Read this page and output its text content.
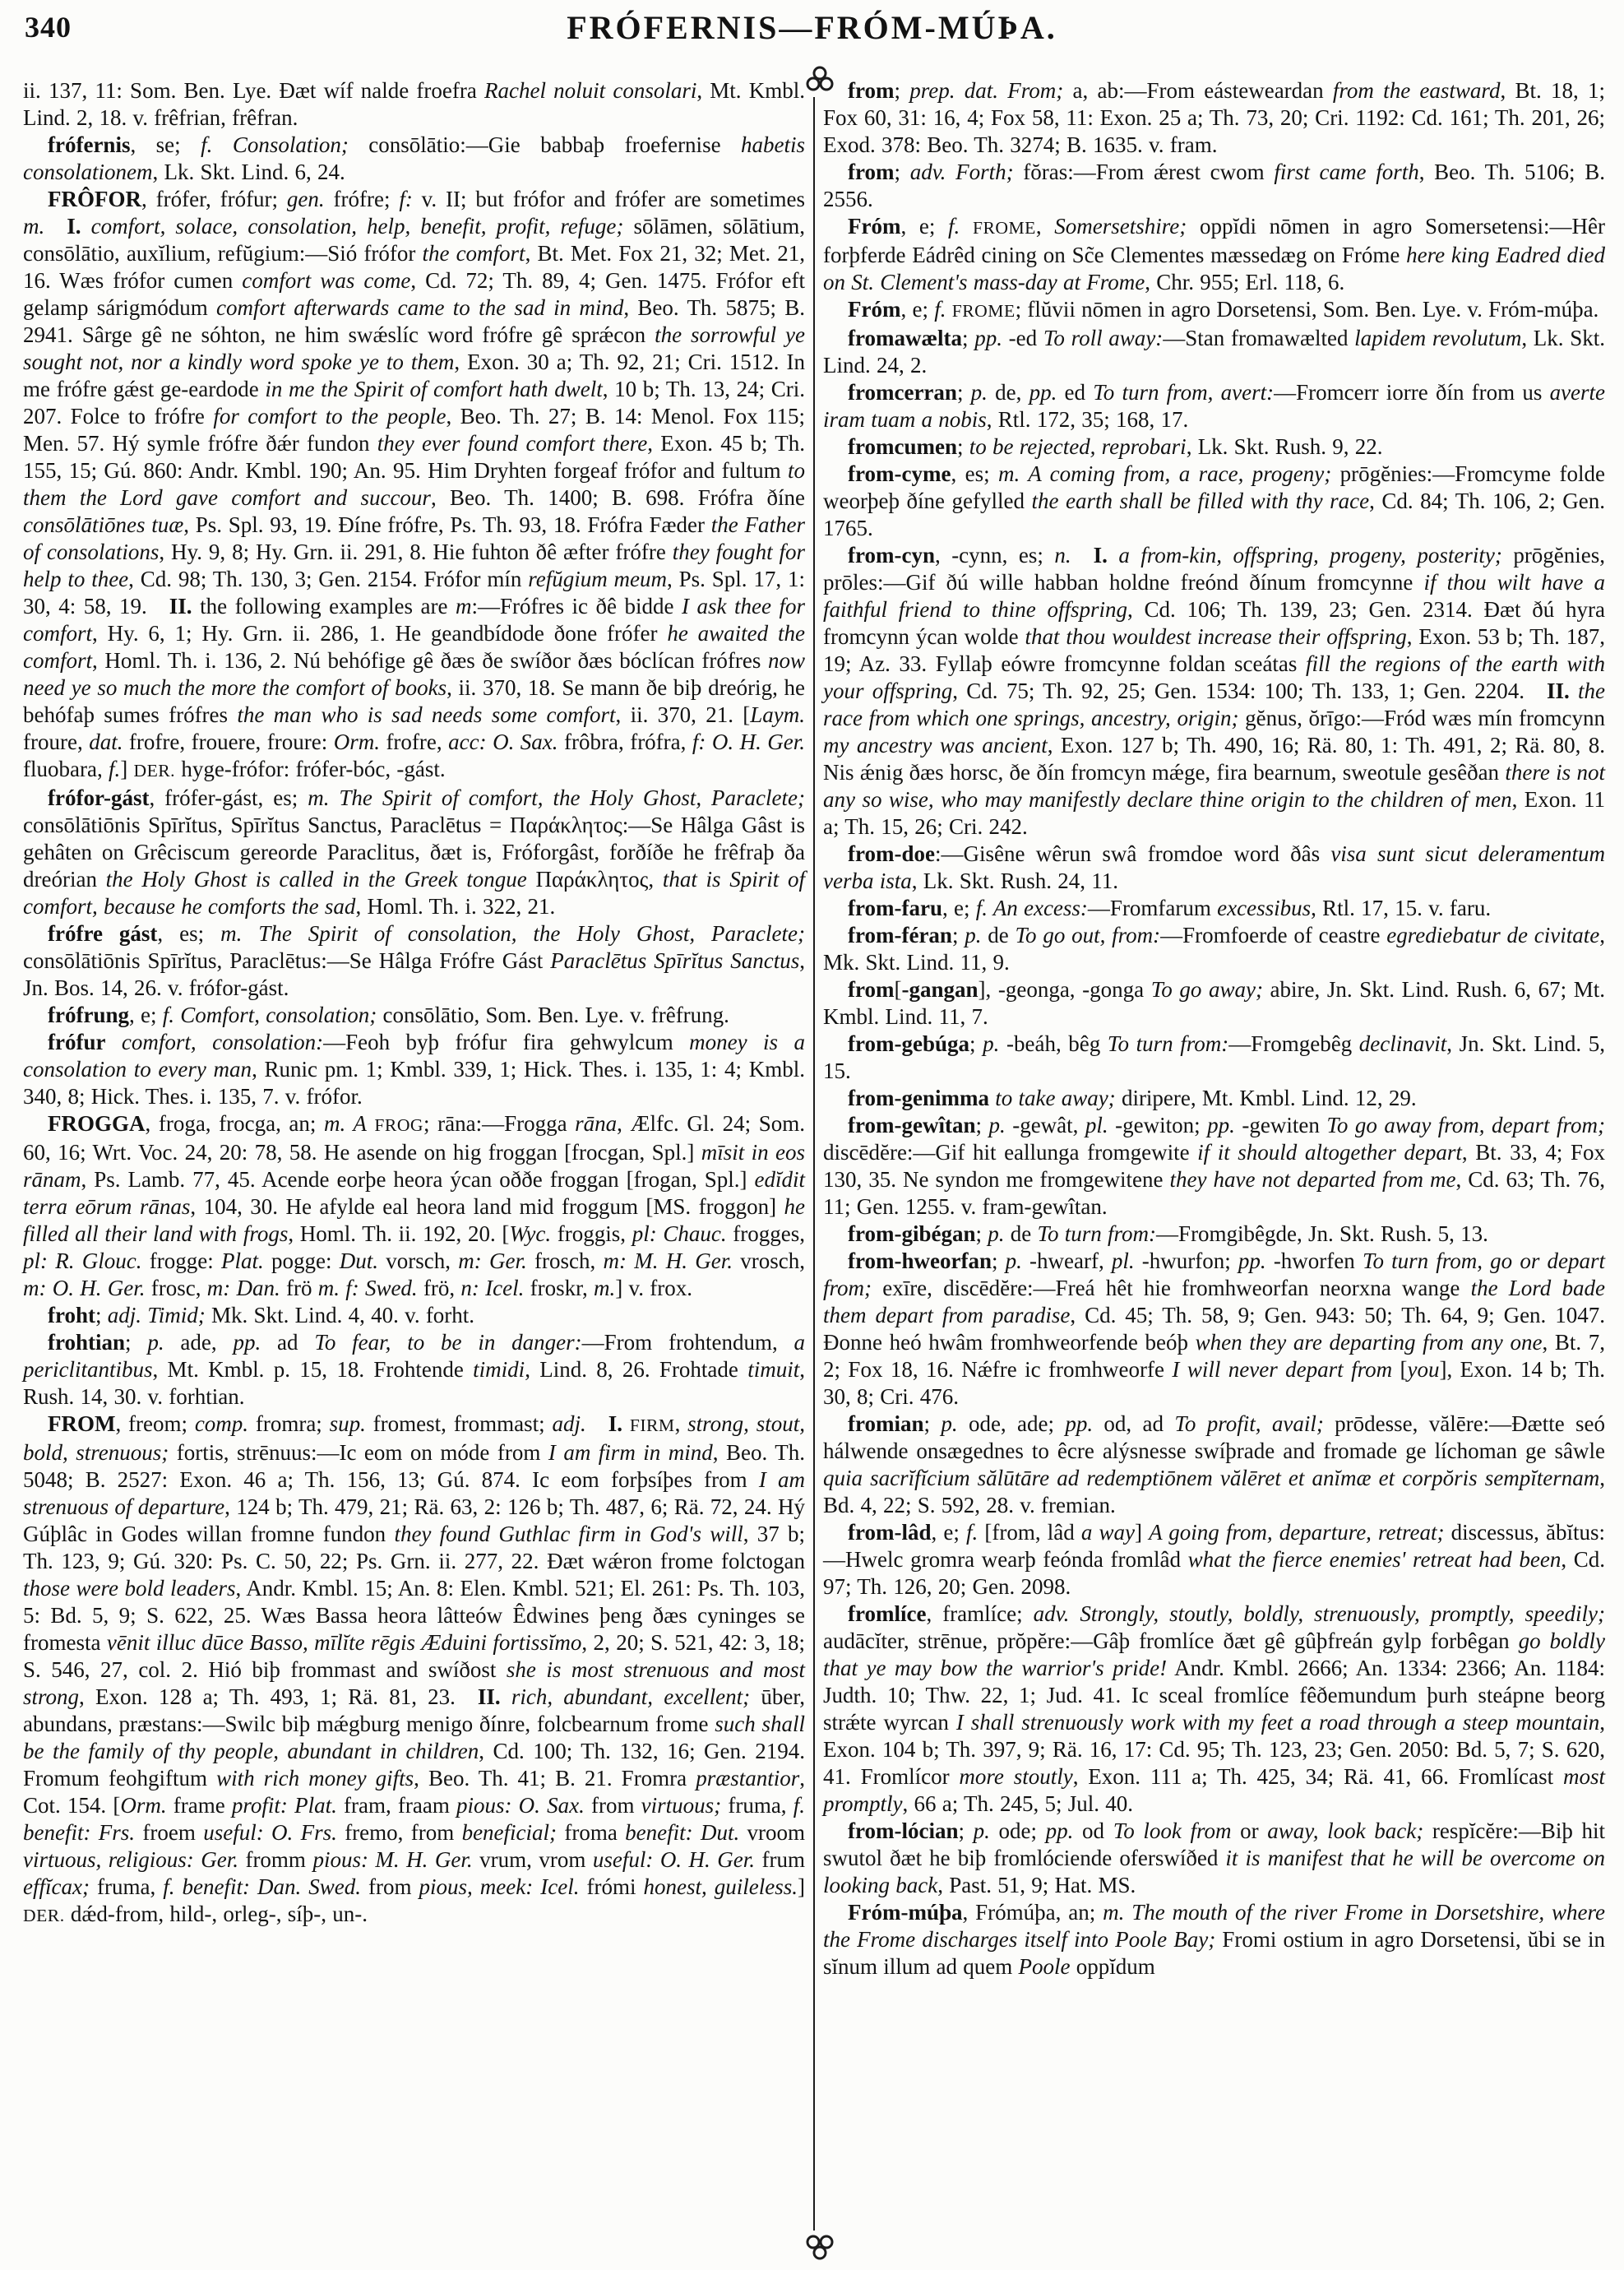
340	FRÓFERNIS—FRÓM-MÚÞA.

ii. 137, 11: Som. Ben. Lye. Ðæt wíf nalde froefra Rachel noluit consolari, Mt. Kmbl. Lind. 2, 18. v. frêfrian, frêfran.

frófernis, se; f. Consolation; consōlātio:—Gie babbaþ froefernise habetis consolationem, Lk. Skt. Lind. 6, 24.

FRÔFOR, frófer, frófur; gen. frófre; f: v. II; but frófor and frófer are sometimes m.  I. comfort, solace, consolation, help, benefit, profit, refuge; sōlāmen, sōlātium, consōlātio, auxĭlium, refŭgium:—Sió frófor the comfort, Bt. Met. Fox 21, 32; Met. 21, 16. Wæs frófor cumen comfort was come, Cd. 72; Th. 89, 4; Gen. 1475. Frófor eft gelamp sárigmódum comfort afterwards came to the sad in mind, Beo. Th. 5875; B. 2941. Sârge gê ne sóhton, ne him swǽslíc word frófre gê sprǽcon the sorrowful ye sought not, nor a kindly word spoke ye to them, Exon. 30 a; Th. 92, 21; Cri. 1512. In me frófre gǽst ge-eardode in me the Spirit of comfort hath dwelt, 10 b; Th. 13, 24; Cri. 207. Folce to frófre for comfort to the people, Beo. Th. 27; B. 14: Menol. Fox 115; Men. 57. Hý symle frófre ðǽr fundon they ever found comfort there, Exon. 45 b; Th. 155, 15; Gú. 860: Andr. Kmbl. 190; An. 95. Him Dryhten forgeaf frófor and fultum to them the Lord gave comfort and succour, Beo. Th. 1400; B. 698. Frófra ðíne consōlātiōnes tuæ, Ps. Spl. 93, 19. Ðíne frófre, Ps. Th. 93, 18. Frófra Fæder the Father of consolations, Hy. 9, 8; Hy. Grn. ii. 291, 8. Hie fuhton ðê æfter frófre they fought for help to thee, Cd. 98; Th. 130, 3; Gen. 2154. Frófor mín refŭgium meum, Ps. Spl. 17, 1: 30, 4: 58, 19. II. the following examples are m:—Frófres ic ðê bidde I ask thee for comfort, Hy. 6, 1; Hy. Grn. ii. 286, 1. He geandbídode ðone frófer he awaited the comfort, Homl. Th. i. 136, 2. Nú behófige gê ðæs ðe swíðor ðæs bóclícan frófres now need ye so much the more the comfort of books, ii. 370, 18. Se mann ðe biþ dreórig, he behófaþ sumes frófres the man who is sad needs some comfort, ii. 370, 21. [Laym. froure, dat. frofre, frouere, froure: Orm. frofre, acc: O. Sax. frôbra, frófra, f: O. H. Ger. fluobara, f.] DER. hyge-frófor: frófer-bóc, -gást.

frófor-gást, frófer-gást, es; m. The Spirit of comfort, the Holy Ghost, Paraclete; consōlātiōnis Spīrĭtus, Spīrĭtus Sanctus, Paraclētus = Παράκλητος:—Se Hâlga Gâst is gehâten on Grêciscum gereorde Paraclitus, ðæt is, Fróforgâst, forðíðe he frêfraþ ða dreórian the Holy Ghost is called in the Greek tongue Παράκλητος, that is Spirit of comfort, because he comforts the sad, Homl. Th. i. 322, 21.

frófre gást, es; m. The Spirit of consolation, the Holy Ghost, Paraclete; consōlātiōnis Spīrĭtus, Paraclētus:—Se Hâlga Frófre Gást Paraclētus Spīrĭtus Sanctus, Jn. Bos. 14, 26. v. frófor-gást.

frófrung, e; f. Comfort, consolation; consōlātio, Som. Ben. Lye. v. frêfrung.

frófur comfort, consolation:—Feoh byþ frófur fira gehwylcum money is a consolation to every man, Runic pm. 1; Kmbl. 339, 1; Hick. Thes. i. 135, 1: 4; Kmbl. 340, 8; Hick. Thes. i. 135, 7. v. frófor.

FROGGA, froga, frocga, an; m. A FROG; rāna:—Frogga rāna, Ælfc. Gl. 24; Som. 60, 16; Wrt. Voc. 24, 20: 78, 58. He asende on hig froggan [frocgan, Spl.] mīsit in eos rānam, Ps. Lamb. 77, 45. Acende eorþe heora ýcan oððe froggan [frogan, Spl.] edĭdit terra eōrum rānas, 104, 30. He afylde eal heora land mid froggum [MS. froggon] he filled all their land with frogs, Homl. Th. ii. 192, 20. [Wyc. froggis, pl: Chauc. frogges, pl: R. Glouc. frogge: Plat. pogge: Dut. vorsch, m: Ger. frosch, m: M. H. Ger. vrosch, m: O. H. Ger. frosc, m: Dan. frö m. f: Swed. frö, n: Icel. froskr, m.] v. frox.

froht; adj. Timid; Mk. Skt. Lind. 4, 40. v. forht.

frohtian; p. ade, pp. ad To fear, to be in danger:—From frohtendum, a periclitantibus, Mt. Kmbl. p. 15, 18. Frohtende timidi, Lind. 8, 26. Frohtade timuit, Rush. 14, 30. v. forhtian.

FROM, freom; comp. fromra; sup. fromest, frommast; adj.  I. FIRM, strong, stout, bold, strenuous; fortis, strēnuus:—Ic eom on móde from I am firm in mind, Beo. Th. 5048; B. 2527: Exon. 46 a; Th. 156, 13; Gú. 874. Ic eom forþsíþes from I am strenuous of departure, 124 b; Th. 479, 21; Rä. 63, 2: 126 b; Th. 487, 6; Rä. 72, 24. Hý Gúþlâc in Godes willan fromne fundon they found Guthlac firm in God's will, 37 b; Th. 123, 9; Gú. 320: Ps. C. 50, 22; Ps. Grn. ii. 277, 22. Ðæt wǽron frome folctogan those were bold leaders, Andr. Kmbl. 15; An. 8: Elen. Kmbl. 521; El. 261: Ps. Th. 103, 5: Bd. 5, 9; S. 622, 25. Wæs Bassa heora lâtteów Êdwines þeng ðæs cyninges se fromesta vēnit illuc dūce Basso, mīlĭte rēgis Æduini fortissĭmo, 2, 20; S. 521, 42: 3, 18; S. 546, 27, col. 2. Hió biþ frommast and swíðost she is most strenuous and most strong, Exon. 128 a; Th. 493, 1; Rä. 81, 23. II. rich, abundant, excellent; ūber, abundans, præstans:—Swilc biþ mǽgburg menigo ðínre, folcbearnum frome such shall be the family of thy people, abundant in children, Cd. 100; Th. 132, 16; Gen. 2194. Fromum feohgiftum with rich money gifts, Beo. Th. 41; B. 21. Fromra præstantior, Cot. 154. [Orm. frame profit: Plat. fram, fraam pious: O. Sax. from virtuous; fruma, f. benefit: Frs. froem useful: O. Frs. fremo, from beneficial; froma benefit: Dut. vroom virtuous, religious: Ger. fromm pious: M. H. Ger. vrum, vrom useful: O. H. Ger. frum effĭcax; fruma, f. benefit: Dan. Swed. from pious, meek: Icel. frómi honest, guileless.] DER. dǽd-from, hild-, orleg-, síþ-, un-.

from; prep. dat. From; a, ab:—From eásteweardan from the eastward, Bt. 18, 1; Fox 60, 31: 16, 4; Fox 58, 11: Exon. 25 a; Th. 73, 20; Cri. 1192: Cd. 161; Th. 201, 26; Exod. 378: Beo. Th. 3274; B. 1635. v. fram.

from; adv. Forth; fŏras:—From ǽrest cwom first came forth, Beo. Th. 5106; B. 2556.

Fróm, e; f. FROME, Somersetshire; oppĭdi nōmen in agro Somersetensi:—Hêr forþferde Eádrêd cining on Sc̃e Clementes mæssedæg on Fróme here king Eadred died on St. Clement's mass-day at Frome, Chr. 955; Erl. 118, 6.

Fróm, e; f. FROME; flŭvii nōmen in agro Dorsetensi, Som. Ben. Lye. v. Fróm-múþa.

fromawælta; pp. -ed To roll away:—Stan fromawælted lapidem revolutum, Lk. Skt. Lind. 24, 2.

fromcerran; p. de, pp. ed To turn from, avert:—Fromcerr iorre ðín from us averte iram tuam a nobis, Rtl. 172, 35; 168, 17.

fromcumen; to be rejected, reprobari, Lk. Skt. Rush. 9, 22.

from-cyme, es; m. A coming from, a race, progeny; prōgĕnies:—Fromcyme folde weorþeþ ðíne gefylled the earth shall be filled with thy race, Cd. 84; Th. 106, 2; Gen. 1765.

from-cyn, -cynn, es; n.  I. a from-kin, offspring, progeny, posterity; prōgĕnies, prōles:—Gif ðú wille habban holdne freónd ðínum fromcynne if thou wilt have a faithful friend to thine offspring, Cd. 106; Th. 139, 23; Gen. 2314. Ðæt ðú hyra fromcynn ýcan wolde that thou wouldest increase their offspring, Exon. 53 b; Th. 187, 19; Az. 33. Fyllaþ eówre fromcynne foldan sceátas fill the regions of the earth with your offspring, Cd. 75; Th. 92, 25; Gen. 1534: 100; Th. 133, 1; Gen. 2204. II. the race from which one springs, ancestry, origin; gĕnus, ŏrīgo:—Fród wæs mín fromcynn my ancestry was ancient, Exon. 127 b; Th. 490, 16; Rä. 80, 1: Th. 491, 2; Rä. 80, 8. Nis ǽnig ðæs horsc, ðe ðín fromcyn mǽge, fira bearnum, sweotule gesêðan there is not any so wise, who may manifestly declare thine origin to the children of men, Exon. 11 a; Th. 15, 26; Cri. 242.

from-doe:—Gisêne wêrun swâ fromdoe word ðâs visa sunt sicut deleramentum verba ista, Lk. Skt. Rush. 24, 11.

from-faru, e; f. An excess:—Fromfarum excessibus, Rtl. 17, 15. v. faru.

from-féran; p. de To go out, from:—Fromfoerde of ceastre egrediebatur de civitate, Mk. Skt. Lind. 11, 9.

from[-gangan], -geonga, -gonga To go away; abire, Jn. Skt. Lind. Rush. 6, 67; Mt. Kmbl. Lind. 11, 7.

from-gebúga; p. -beáh, bêg To turn from:—Fromgebêg declinavit, Jn. Skt. Lind. 5, 15.

from-genimma to take away; diripere, Mt. Kmbl. Lind. 12, 29.

from-gewîtan; p. -gewât, pl. -gewiton; pp. -gewiten To go away from, depart from; discēdĕre:—Gif hit eallunga fromgewite if it should altogether depart, Bt. 33, 4; Fox 130, 35. Ne syndon me fromgewitene they have not departed from me, Cd. 63; Th. 76, 11; Gen. 1255. v. fram-gewîtan.

from-gibégan; p. de To turn from:—Fromgibêgde, Jn. Skt. Rush. 5, 13.

from-hweorfan; p. -hwearf, pl. -hwurfon; pp. -hworfen To turn from, go or depart from; exīre, discēdĕre:—Freá hêt hie fromhweorfan neorxna wange the Lord bade them depart from paradise, Cd. 45; Th. 58, 9; Gen. 943: 50; Th. 64, 9; Gen. 1047. Ðonne heó hwâm fromhweorfende beóþ when they are departing from any one, Bt. 7, 2; Fox 18, 16. Nǽfre ic fromhweorfe I will never depart from [you], Exon. 14 b; Th. 30, 8; Cri. 476.

fromian; p. ode, ade; pp. od, ad To profit, avail; prōdesse, vălēre:—Ðætte seó hálwende onsægednes to êcre alýsnesse swíþrade and fromade ge líchoman ge sâwle quia sacrĭfĭcium sălūtāre ad redemptiōnem vălēret et anĭmæ et corpŏris sempĭternam, Bd. 4, 22; S. 592, 28. v. fremian.

from-lâd, e; f. [from, lâd a way] A going from, departure, retreat; discessus, ăbĭtus:—Hwelc gromra wearþ feónda fromlâd what the fierce enemies' retreat had been, Cd. 97; Th. 126, 20; Gen. 2098.

fromlíce, framlíce; adv. Strongly, stoutly, boldly, strenuously, promptly, speedily; audācĭter, strēnue, prŏpĕre:—Gâþ fromlíce ðæt gê gûþfreán gylp forbêgan go boldly that ye may bow the warrior's pride! Andr. Kmbl. 2666; An. 1334: 2366; An. 1184: Judth. 10; Thw. 22, 1; Jud. 41. Ic sceal fromlíce fêðemundum þurh steápne beorg strǽte wyrcan I shall strenuously work with my feet a road through a steep mountain, Exon. 104 b; Th. 397, 9; Rä. 16, 17: Cd. 95; Th. 123, 23; Gen. 2050: Bd. 5, 7; S. 620, 41. Fromlícor more stoutly, Exon. 111 a; Th. 425, 34; Rä. 41, 66. Fromlícast most promptly, 66 a; Th. 245, 5; Jul. 40.

from-lócian; p. ode; pp. od To look from or away, look back; respĭcĕre:—Biþ hit swutol ðæt he biþ fromlóciende oferswíðed it is manifest that he will be overcome on looking back, Past. 51, 9; Hat. MS.

Fróm-múþa, Frómúþa, an; m. The mouth of the river Frome in Dorsetshire, where the Frome discharges itself into Poole Bay; Fromi ostium in agro Dorsetensi, ŭbi se in sĭnum illum ad quem Poole oppĭdum
